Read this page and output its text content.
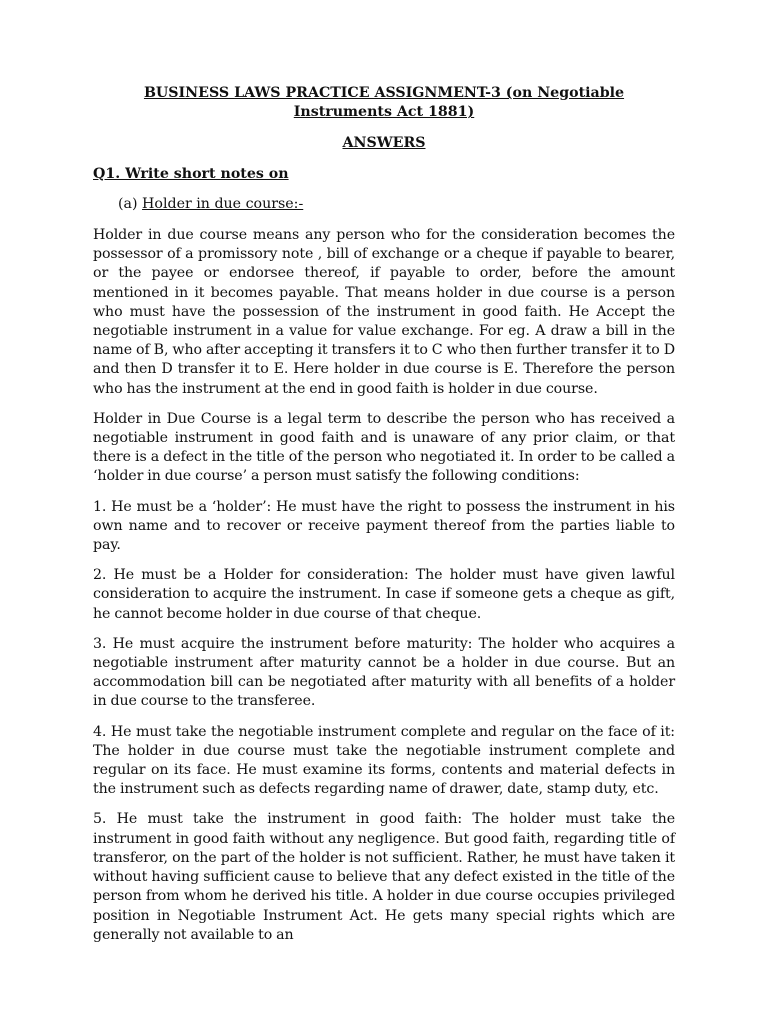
BUSINESS LAWS PRACTICE ASSIGNMENT-3 (on Negotiable
Instruments Act 1881)
ANSWERS
Q1. Write short notes on
(a) Holder in due course:-

Holder in due course means any person who for the consideration becomes the possessor of a promissory note , bill of exchange or a cheque if payable to bearer, or the payee or endorsee thereof, if payable to order, before the amount mentioned in it becomes payable. That means holder in due course is a person who must have the possession of the instrument in good faith. He Accept the negotiable instrument in a value for value exchange. For eg. A draw a bill in the name of B, who after accepting it transfers it to C who then further transfer it to D and then D transfer it to E. Here holder in due course is E. Therefore the person who has the instrument at the end in good faith is holder in due course.

Holder in Due Course is a legal term to describe the person who has received a negotiable instrument in good faith and is unaware of any prior claim, or that there is a defect in the title of the person who negotiated it. In order to be called a ‘holder in due course’ a person must satisfy the following conditions:

1. He must be a ‘holder’: He must have the right to possess the instrument in his own name and to recover or receive payment thereof from the parties liable to pay.

2. He must be a Holder for consideration: The holder must have given lawful consideration to acquire the instrument. In case if someone gets a cheque as gift, he cannot become holder in due course of that cheque.

3. He must acquire the instrument before maturity: The holder who acquires a negotiable instrument after maturity cannot be a holder in due course. But an accommodation bill can be negotiated after maturity with all benefits of a holder in due course to the transferee.

4. He must take the negotiable instrument complete and regular on the face of it: The holder in due course must take the negotiable instrument complete and regular on its face. He must examine its forms, contents and material defects in the instrument such as defects regarding name of drawer, date, stamp duty, etc.

5. He must take the instrument in good faith: The holder must take the instrument in good faith without any negligence. But good faith, regarding title of transferor, on the part of the holder is not sufficient. Rather, he must have taken it without having sufficient cause to believe that any defect existed in the title of the person from whom he derived his title. A holder in due course occupies privileged position in Negotiable Instrument Act. He gets many special rights which are generally not available to an
